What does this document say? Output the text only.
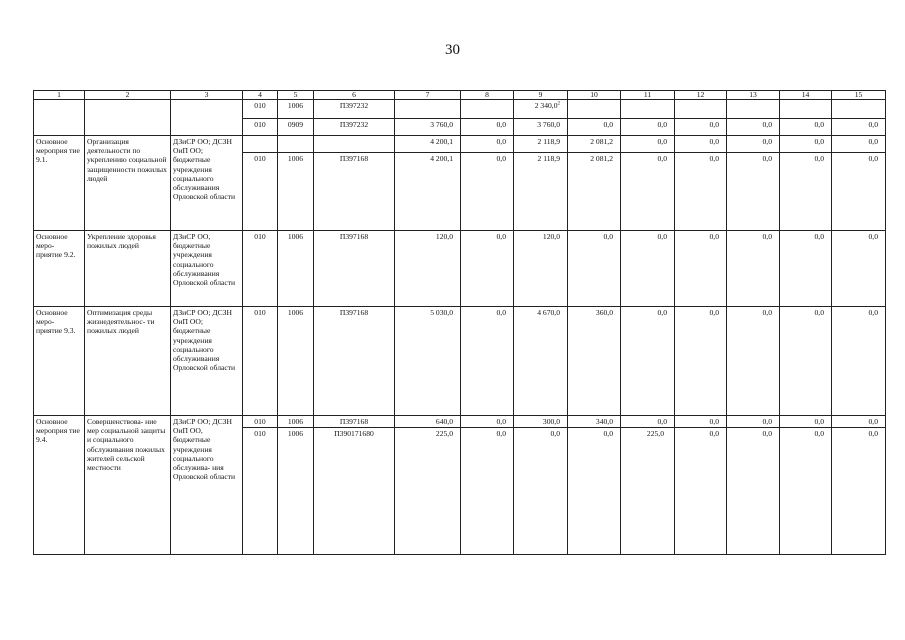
30
1	2	3	4	5	6	7	8	9	10	11	12	13	14	15
			010	1006	П397232			2 340,0$^2$						
			010	0909	П397232	3 760,0	0,0	3 760,0	0,0	0,0	0,0	0,0	0,0	0,0
Основное мероприя тие 9.1.	Организация деятельности по укреплению социальной защищенности пожилых людей	ДЗиСР ОО; ДСЗН ОиП ОО; бюджетные учреждения социального обслуживания Орловской области				4 200,1	0,0	2 118,9	2 081,2	0,0	0,0	0,0	0,0	0,0
			010	1006	П397168	4 200,1	0,0	2 118,9	2 081,2	0,0	0,0	0,0	0,0	0,0
Основное меро- приятие 9.2.	Укрепление здоровья пожилых людей	ДЗиСР ОО, бюджетные учреждения социального обслуживания Орловской области	010	1006	П397168	120,0	0,0	120,0	0,0	0,0	0,0	0,0	0,0	0,0
Основное меро- приятие 9.3.	Оптимизация среды жизнедеятельнос- ти пожилых людей	ДЗиСР ОО; ДСЗН ОиП ОО; бюджетные учреждения социального обслуживания Орловской области	010	1006	П397168	5 030,0	0,0	4 670,0	360,0	0,0	0,0	0,0	0,0	0,0
Основное мероприя тие 9.4.	Совершенствова- ние мер социальной защиты и социального обслуживания пожилых жителей сельской местности	ДЗиСР ОО; ДСЗН ОиП ОО, бюджетные учреждения социального обслужива- ния Орловской области	010	1006	П397168	640,0	0,0	300,0	340,0	0,0	0,0	0,0	0,0	0,0
			010	1006	П390171680	225,0	0,0	0,0	0,0	225,0	0,0	0,0	0,0	0,0
